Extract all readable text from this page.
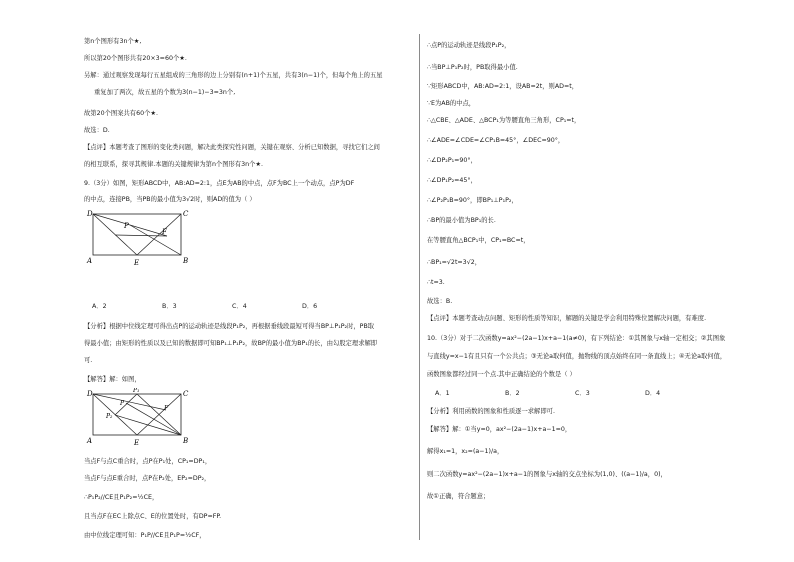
第n个图形有3n个★,
所以第20个图形共有20×3=60个★.
另解：通过观察发现每行五星组成的三角形的边上分别有(n+1)个五星，共有3(n−1)个，但每个角上的五星
重复加了两次，故五星的个数为3(n−1)−3=3n个,
故第20个图案共有60个★.
故选：D.
【点评】本题考查了图形的变化类问题，解决此类探究性问题，关键在观察、分析已知数据，寻找它们之间
的相互联系，探寻其规律.本题的关键规律为第n个图形有3n个★.
9.（3分）如图，矩形ABCD中，AB:AD=2:1，点E为AB的中点，点F为BC上一个动点，点P为DF
的中点，连接PB，当PB的最小值为3√2时，则AD的值为（ ）
D	C
A	E	B
P
F
A．2	B．3	C．4	D．6
【分析】根据中位线定理可得出点P的运动轨迹是线段P₁P₂，再根据垂线段最短可得当BP⊥P₁P₂时，PB取
得最小值；由矩形的性质以及已知的数据即可知BP₁⊥P₁P₂，故BP的最小值为BP₁的长，由勾股定理求解即
可.
【解答】解：如图，
D	C
A	E	B
P₁
P₂
P
F
当点F与点C重合时，点P在P₁处，CP₁=DP₁，
当点F与点E重合时，点P在P₂处，EP₂=DP₂，
∴P₁P₂//CE且P₁P₂=½CE，
且当点F在EC上除点C、E的位置处时，有DP=FP.
由中位线定理可知：P₁P//CE且P₁P=½CF，
∴点P的运动轨迹是线段P₁P₂，
∴当BP⊥P₁P₂时，PB取得最小值.
∵矩形ABCD中，AB:AD=2:1，设AB=2t，则AD=t，
∵E为AB的中点，
∴△CBE、△ADE、△BCP₁为等腰直角三角形，CP₁=t，
∴∠ADE=∠CDE=∠CP₁B=45°，∠DEC=90°，
∴∠DP₂P₁=90°，
∴∠DP₁P₂=45°，
∴∠P₂P₁B=90°，即BP₁⊥P₁P₂，
∴BP的最小值为BP₁的长.
在等腰直角△BCP₁中，CP₁=BC=t，
∴BP₁=√2t=3√2，
∴t=3.
故选：B.
【点评】本题考查动点问题、矩形的性质等知识，解题的关键是学会利用特殊位置解决问题，有难度.
10.（3分）对于二次函数y=ax²−(2a−1)x+a−1(a≠0)，有下列结论：①其图象与x轴一定相交；②其图象
与直线y=x−1有且只有一个公共点；③无论a取何值，抛物线的顶点始终在同一条直线上；④无论a取何值，
函数图象都经过同一个点.其中正确结论的个数是（ ）
A．1	B．2	C．3	D．4
【分析】利用函数的图象和性质逐一求解即可.
【解答】解：①当y=0，ax²−(2a−1)x+a−1=0，
解得x₁=1，x₂=(a−1)/a，
则二次函数y=ax²−(2a−1)x+a−1的图象与x轴的交点坐标为(1,0)、((a−1)/a，0)，
故①正确，符合题意；
